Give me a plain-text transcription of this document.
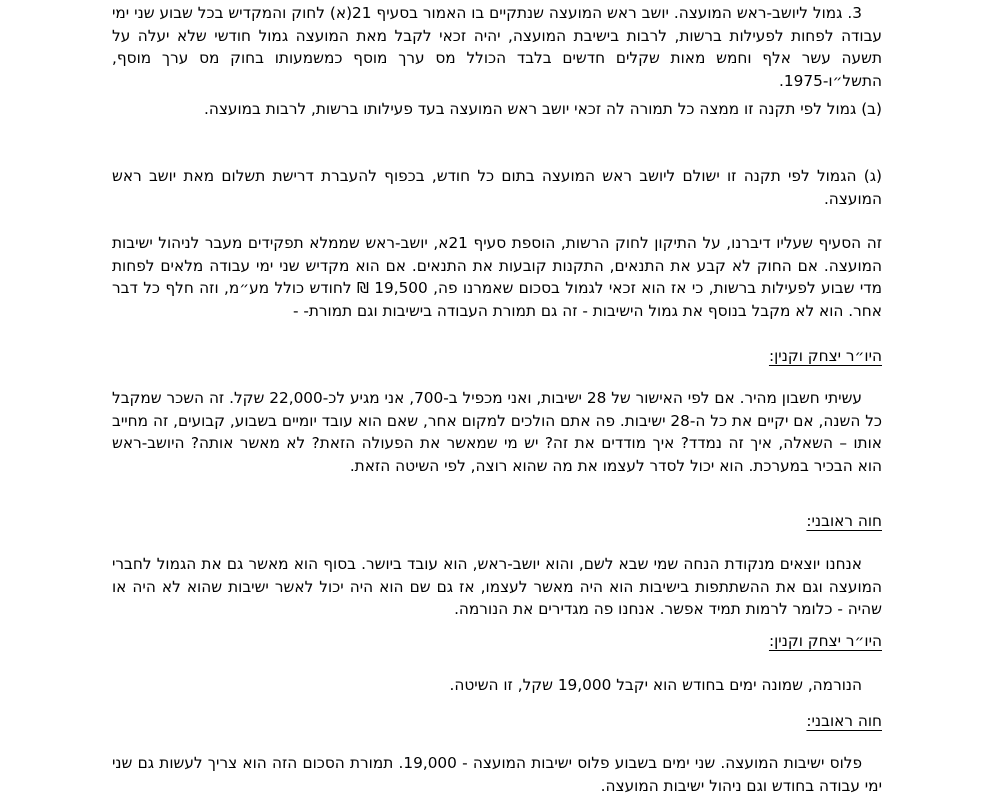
3. גמול ליושב-ראש המועצה. יושב ראש המועצה שנתקיים בו האמור בסעיף 21(א) לחוק והמקדיש בכל שבוע שני ימי עבודה לפחות לפעילות ברשות, לרבות בישיבת המועצה, יהיה זכאי לקבל מאת המועצה גמול חודשי שלא יעלה על תשעה עשר אלף וחמש מאות שקלים חדשים בלבד הכולל מס ערך מוסף כמשמעותו בחוק מס ערך מוסף, התשל״ו-1975.

(ב) גמול לפי תקנה זו ממצה כל תמורה לה זכאי יושב ראש המועצה בעד פעילותו ברשות, לרבות במועצה.

(ג) הגמול לפי תקנה זו ישולם ליושב ראש המועצה בתום כל חודש, בכפוף להעברת דרישת תשלום מאת יושב ראש המועצה.

זה הסעיף שעליו דיברנו, על התיקון לחוק הרשות, הוספת סעיף 21א, יושב-ראש שממלא תפקידים מעבר לניהול ישיבות המועצה. אם החוק לא קבע את התנאים, התקנות קובעות את התנאים. אם הוא מקדיש שני ימי עבודה מלאים לפחות מדי שבוע לפעילות ברשות, כי אז הוא זכאי לגמול בסכום שאמרנו פה, 19,500 ₪ לחודש כולל מע״מ, וזה חלף כל דבר אחר. הוא לא מקבל בנוסף את גמול הישיבות - זה גם תמורת העבודה בישיבות וגם תמורת- -

היו״ר יצחק וקנין:

עשיתי חשבון מהיר. אם לפי האישור של 28 ישיבות, ואני מכפיל ב-700, אני מגיע לכ-22,000 שקל. זה השכר שמקבל כל השנה, אם יקיים את כל ה-28 ישיבות. פה אתם הולכים למקום אחר, שאם הוא עובד יומיים בשבוע, קבועים, זה מחייב אותו – השאלה, איך זה נמדד? איך מודדים את זה? יש מי שמאשר את הפעולה הזאת? לא מאשר אותה? היושב-ראש הוא הבכיר במערכת. הוא יכול לסדר לעצמו את מה שהוא רוצה, לפי השיטה הזאת.

חוה ראובני:

אנחנו יוצאים מנקודת הנחה שמי שבא לשם, והוא יושב-ראש, הוא עובד ביושר. בסוף הוא מאשר גם את הגמול לחברי המועצה וגם את ההשתתפות בישיבות הוא היה מאשר לעצמו, אז גם שם הוא היה יכול לאשר ישיבות שהוא לא היה או שהיה - כלומר לרמות תמיד אפשר. אנחנו פה מגדירים את הנורמה.

היו״ר יצחק וקנין:

הנורמה, שמונה ימים בחודש הוא יקבל 19,000 שקל, זו השיטה.

חוה ראובני:

פלוס ישיבות המועצה. שני ימים בשבוע פלוס ישיבות המועצה - 19,000. תמורת הסכום הזה הוא צריך לעשות גם שני ימי עבודה בחודש וגם ניהול ישיבות המועצה.
